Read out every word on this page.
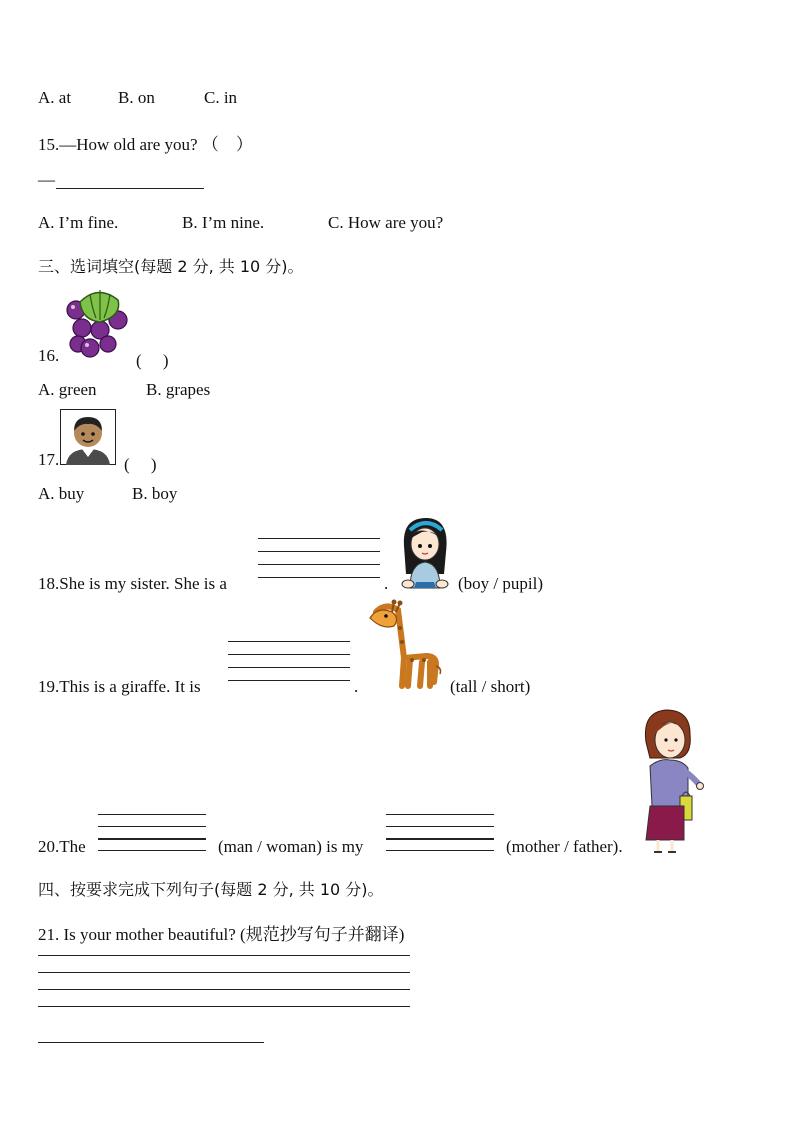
A. at	B. on	C. in
15.—How old are you? （　）
—
A. I’m fine.	B. I’m nine.	C. How are you?
三、选词填空(每题 2 分, 共 10 分)。
16.	(　 )
A. green	B. grapes
17.	(　 )
A. buy	B. boy
18.She is my sister. She is a	.	(boy / pupil)
19.This is a giraffe. It is	.	(tall / short)
20.The	(man / woman) is my	(mother / father).
四、按要求完成下列句子(每题 2 分, 共 10 分)。
21. Is your mother beautiful? (规范抄写句子并翻译)
